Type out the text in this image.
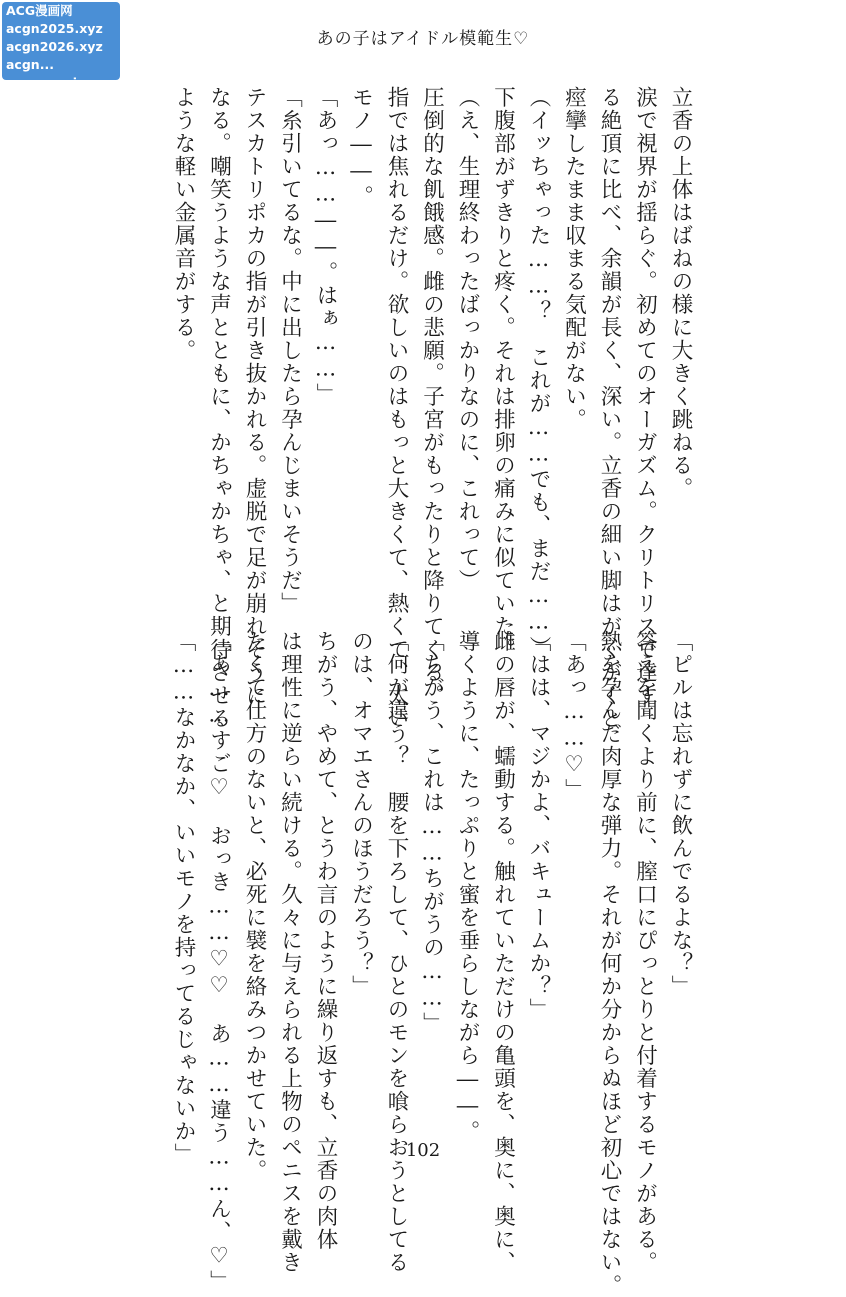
ACG漫画网
acgn2025.xyz
acgn2026.xyz
acgn...
porn-comic.com
あの子はアイドル模範生♡
立香の上体はばねの様に大きく跳ねる。
涙で視界が揺らぐ。初めてのオーガズム。クリトリスで達す
る絶頂に比べ、余韻が長く、深い。立香の細い脚はがくがくと
痙攣したまま収まる気配がない。
（イッちゃった……？　これが……でも、まだ……）
下腹部がずきりと疼く。それは排卵の痛みに似ていた。
（え、生理終わったばっかりなのに、これって）
圧倒的な飢餓感。雌の悲願。子宮がもったりと降りてくる。
指では焦れるだけ。欲しいのはもっと大きくて、熱くて、太い
モノ――。
「あっ……――。はぁ……」
「糸引いてるな。中に出したら孕んじまいそうだ」
テスカトリポカの指が引き抜かれる。虚脱で足が崩れそうに
なる。嘲笑うような声とともに、かちゃかちゃ、と期待させる
ような軽い金属音がする。
「ピルは忘れずに飲んでるよな？」
答えを聞くより前に、膣口にぴっとりと付着するモノがある。
熱を孕んだ肉厚な弾力。それが何か分からぬほど初心ではない。
「あっ……♡」
「はは、マジかよ、バキュームか？」
雌の唇が、蠕動する。触れていただけの亀頭を、奥に、奥に、
導くように、たっぷりと蜜を垂らしながら――。
「ちがう、これは……ちがうの……」
「何が違う？　腰を下ろして、ひとのモンを喰らおうとしてる
のは、オマエさんのほうだろう？」
ちがう、やめて、とうわ言のように繰り返すも、立香の肉体
は理性に逆らい続ける。久々に与えられる上物のペニスを戴き
たくて仕方のないと、必死に襞を絡みつかせていた。
「あ……すご♡　おっき……♡♡　あ……違う……ん、♡」
「……なかなか、いいモノを持ってるじゃないか」	102
